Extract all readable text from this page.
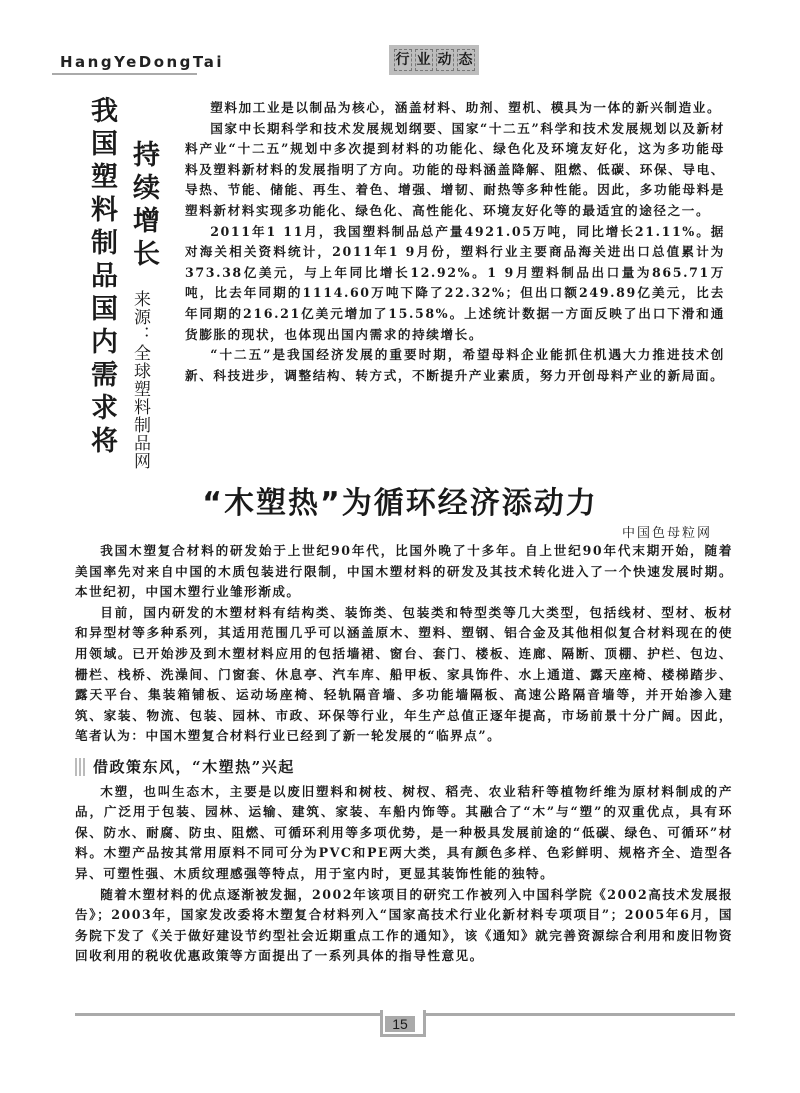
HangYeDongTai	行 业 动 态
我国塑料制品国内需求将 持续增长
来源：全球塑料制品网

塑料加工业是以制品为核心，涵盖材料、助剂、塑机、模具为一体的新兴制造业。

国家中长期科学和技术发展规划纲要、国家“十二五”科学和技术发展规划以及新材料产业“十二五”规划中多次提到材料的功能化、绿色化及环境友好化，这为多功能母料及塑料新材料的发展指明了方向。功能的母料涵盖降解、阻燃、低碳、环保、导电、导热、节能、储能、再生、着色、增强、增韧、耐热等多种性能。因此，多功能母料是塑料新材料实现多功能化、绿色化、高性能化、环境友好化等的最适宜的途径之一。

2011年1 11月，我国塑料制品总产量4921.05万吨，同比增长21.11%。据对海关相关资料统计，2011年1 9月份，塑料行业主要商品海关进出口总值累计为373.38亿美元，与上年同比增长12.92%。1 9月塑料制品出口量为865.71万吨，比去年同期的1114.60万吨下降了22.32%；但出口额249.89亿美元，比去年同期的216.21亿美元增加了15.58%。上述统计数据一方面反映了出口下滑和通货膨胀的现状，也体现出国内需求的持续增长。

“十二五”是我国经济发展的重要时期，希望母料企业能抓住机遇大力推进技术创新、科技进步，调整结构、转方式，不断提升产业素质，努力开创母料产业的新局面。

“木塑热”为循环经济添动力
中国色母粒网

我国木塑复合材料的研发始于上世纪90年代，比国外晚了十多年。自上世纪90年代末期开始，随着美国率先对来自中国的木质包装进行限制，中国木塑材料的研发及其技术转化进入了一个快速发展时期。本世纪初，中国木塑行业雏形渐成。

目前，国内研发的木塑材料有结构类、装饰类、包装类和特型类等几大类型，包括线材、型材、板材和异型材等多种系列，其适用范围几乎可以涵盖原木、塑料、塑钢、铝合金及其他相似复合材料现在的使用领域。已开始涉及到木塑材料应用的包括墙裙、窗台、套门、楼板、连廊、隔断、顶棚、护栏、包边、栅栏、栈桥、洗澡间、门窗套、休息亭、汽车库、船甲板、家具饰件、水上通道、露天座椅、楼梯踏步、露天平台、集装箱铺板、运动场座椅、轻轨隔音墙、多功能墙隔板、高速公路隔音墙等，并开始渗入建筑、家装、物流、包装、园林、市政、环保等行业，年生产总值正逐年提高，市场前景十分广阔。因此，笔者认为：中国木塑复合材料行业已经到了新一轮发展的“临界点”。

借政策东风，“木塑热”兴起

木塑，也叫生态木，主要是以废旧塑料和树枝、树杈、稻壳、农业秸秆等植物纤维为原材料制成的产品，广泛用于包装、园林、运输、建筑、家装、车船内饰等。其融合了“木”与“塑”的双重优点，具有环保、防水、耐腐、防虫、阻燃、可循环利用等多项优势，是一种极具发展前途的“低碳、绿色、可循环”材料。木塑产品按其常用原料不同可分为PVC和PE两大类，具有颜色多样、色彩鲜明、规格齐全、造型各异、可塑性强、木质纹理感强等特点，用于室内时，更显其装饰性能的独特。

随着木塑材料的优点逐渐被发掘，2002年该项目的研究工作被列入中国科学院《2002高技术发展报告》；2003年，国家发改委将木塑复合材料列入“国家高技术行业化新材料专项项目”；2005年6月，国务院下发了《关于做好建设节约型社会近期重点工作的通知》，该《通知》就完善资源综合利用和废旧物资回收利用的税收优惠政策等方面提出了一系列具体的指导性意见。

15
